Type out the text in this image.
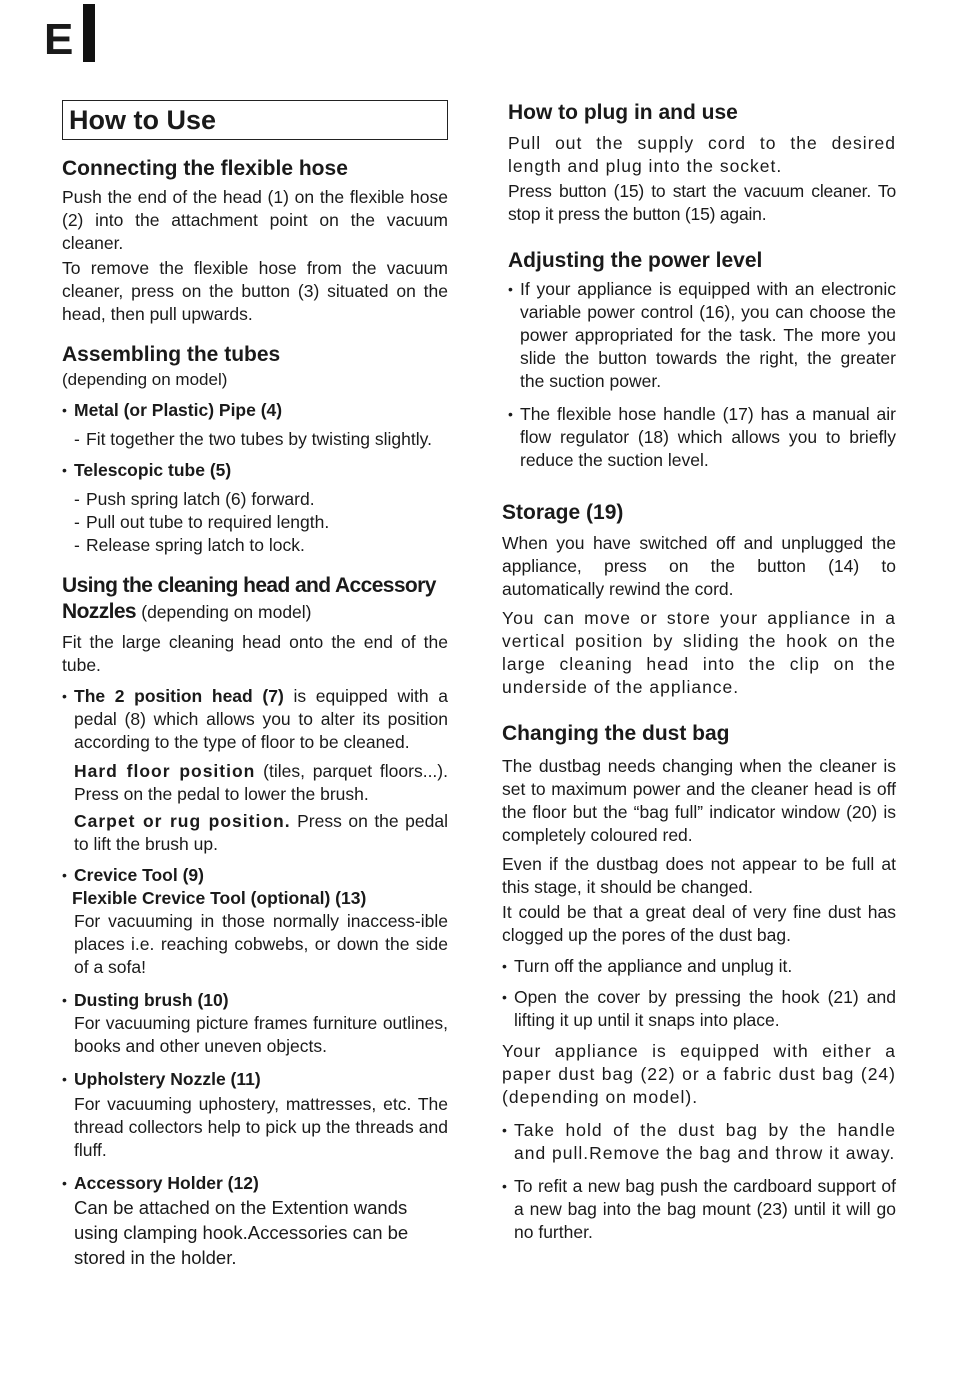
E
How to Use
Connecting the flexible hose

Push the end of the head (1) on the flexible hose (2) into the attachment point on the vacuum cleaner.

To remove the flexible hose from the vacuum cleaner, press on the button (3) situated on the head, then pull upwards.

Assembling the tubes
(depending on model)
• Metal (or Plastic) Pipe (4)
- Fit together the two tubes by twisting slightly.
• Telescopic tube (5)
- Push spring latch (6) forward.
- Pull out tube to required length.
- Release spring latch to lock.
Using the cleaning head and Accessory Nozzles (depending on model)

Fit the large cleaning head onto the end of the tube.

• The 2 position head (7) is equipped with a pedal (8) which allows you to alter its position according to the type of floor to be cleaned.
Hard floor position (tiles, parquet floors...). Press on the pedal to lower the brush.
Carpet or rug position. Press on the pedal to lift the brush up.
• Crevice Tool (9)
Flexible Crevice Tool (optional) (13)
For vacuuming in those normally inaccess-ible places i.e. reaching cobwebs, or down the side of a sofa!
• Dusting brush (10)
For vacuuming picture frames furniture outlines, books and other uneven objects.
• Upholstery Nozzle (11)
For vacuuming uphostery, mattresses, etc. The thread collectors help to pick up the threads and fluff.
• Accessory Holder (12)
Can be attached on the Extention wands using clamping hook.Accessories can be stored in the holder.
How to plug in and use

Pull out the supply cord to the desired length and plug into the socket.

Press button (15) to start the vacuum cleaner. To stop it press the button (15) again.

Adjusting the power level
• If your appliance is equipped with an electronic variable power control (16), you can choose the power appropriated for the task. The more you slide the button towards the right, the greater the suction power.
• The flexible hose handle (17) has a manual air flow regulator (18) which allows you to briefly reduce the suction level.
Storage (19)

When you have switched off and unplugged the appliance, press on the button (14) to automatically rewind the cord.

You can move or store your appliance in a vertical position by sliding the hook on the large cleaning head into the clip on the underside of the appliance.

Changing the dust bag

The dustbag needs changing when the cleaner is set to maximum power and the cleaner head is off the floor but the “bag full” indicator window (20) is completely coloured red.

Even if the dustbag does not appear to be full at this stage, it should be changed.

It could be that a great deal of very fine dust has clogged up the pores of the dust bag.

• Turn off the appliance and unplug it.
• Open the cover by pressing the hook (21) and lifting it up until it snaps into place.

Your appliance is equipped with either a paper dust bag (22) or a fabric dust bag (24) (depending on model).

• Take hold of the dust bag by the handle and pull.Remove the bag and throw it away.
• To refit a new bag push the cardboard support of a new bag into the bag mount (23) until it will go no further.
